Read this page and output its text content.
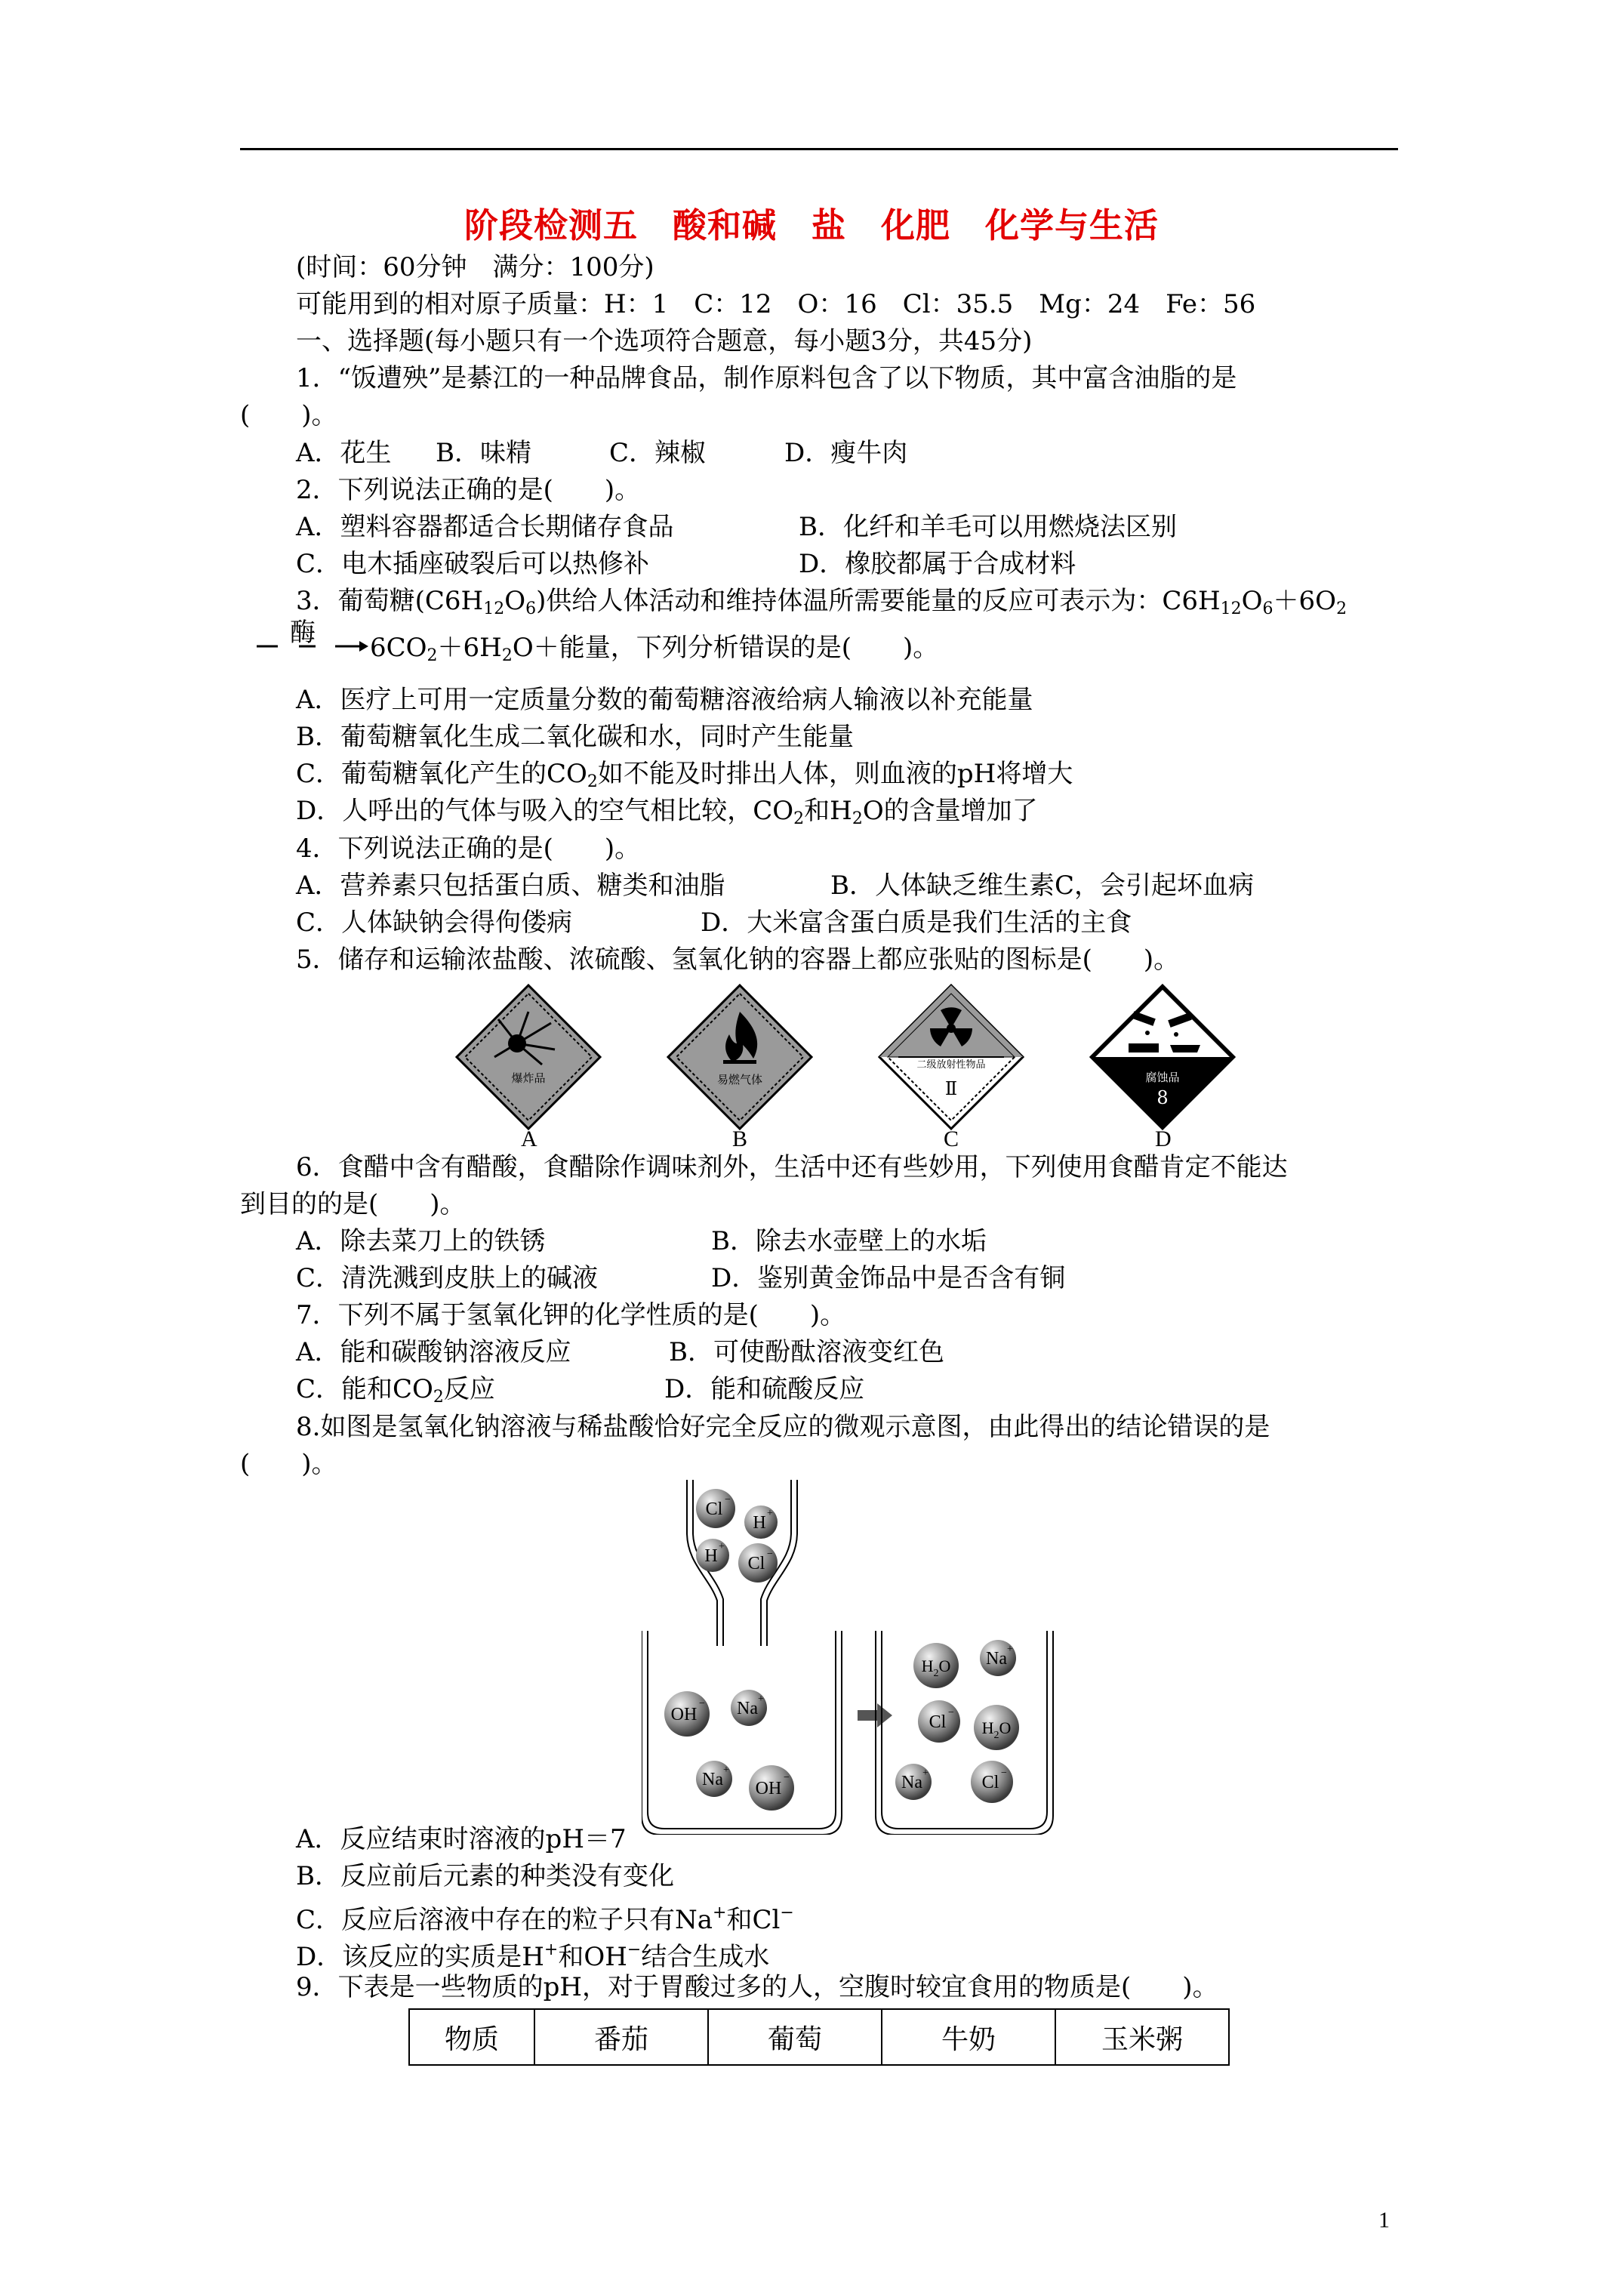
阶段检测五　酸和碱　盐　化肥　化学与生活
(时间：60分钟　满分：100分)
可能用到的相对原子质量：H：1　C：12　O：16　Cl：35.5　Mg：24　Fe：56
一、选择题(每小题只有一个选项符合题意，每小题3分，共45分)
1．“饭遭殃”是綦江的一种品牌食品，制作原料包含了以下物质，其中富含油脂的是
(　　)。
A．花生 B．味精	C．辣椒	D．瘦牛肉
2．下列说法正确的是(　　)。
A．塑料容器都适合长期储存食品	B．化纤和羊毛可以用燃烧法区别
C．电木插座破裂后可以热修补	D．橡胶都属于合成材料
3．葡萄糖$(C6H_{12}O_6)$供给人体活动和维持体温所需要能量的反应可表示为：$C6H_{12}O_6+6O_2$
酶 $6CO_2+6H_2O+$能量，下列分析错误的是(　　)。
A．医疗上可用一定质量分数的葡萄糖溶液给病人输液以补充能量
B．葡萄糖氧化生成二氧化碳和水，同时产生能量
C．葡萄糖氧化产生的$CO_2$如不能及时排出人体，则血液的pH将增大
D．人呼出的气体与吸入的空气相比较，$CO_2$和$H_2O$的含量增加了
4．下列说法正确的是(　　)。
A．营养素只包括蛋白质、糖类和油脂	B．人体缺乏维生素C，会引起坏血病
C．人体缺钠会得佝偻病	D．大米富含蛋白质是我们生活的主食
5．储存和运输浓盐酸、浓硫酸、氢氧化钠的容器上都应张贴的图标是(　　)。
爆炸品	易燃气体
二级放射性物品
Ⅱ
腐蚀品
8
A	B	C	D
6．食醋中含有醋酸，食醋除作调味剂外，生活中还有些妙用，下列使用食醋肯定不能达
到目的的是(　　)。
A．除去菜刀上的铁锈	B．除去水壶壁上的水垢
C．清洗溅到皮肤上的碱液	D．鉴别黄金饰品中是否含有铜
7．下列不属于氢氧化钾的化学性质的是(　　)。
A．能和碳酸钠溶液反应	B．可使酚酞溶液变红色
C．能和$CO_2$反应	D．能和硫酸反应
8.如图是氢氧化钠溶液与稀盐酸恰好完全反应的微观示意图，由此得出的结论错误的是
(　　)。
Cl −
H +
H +
Cl −
OH
− Na +
Na +
OH
−
$H_2O$ Na +
Cl −
$H_2O$
Na +	Cl −
A．反应结束时溶液的pH＝7
B．反应前后元素的种类没有变化
C．反应后溶液中存在的粒子只有Na+和Cl−
D．该反应的实质是H+和OH−结合生成水
9．下表是一些物质的pH，对于胃酸过多的人，空腹时较宜食用的物质是(　　)。
物质	番茄	葡萄	牛奶	玉米粥
1
